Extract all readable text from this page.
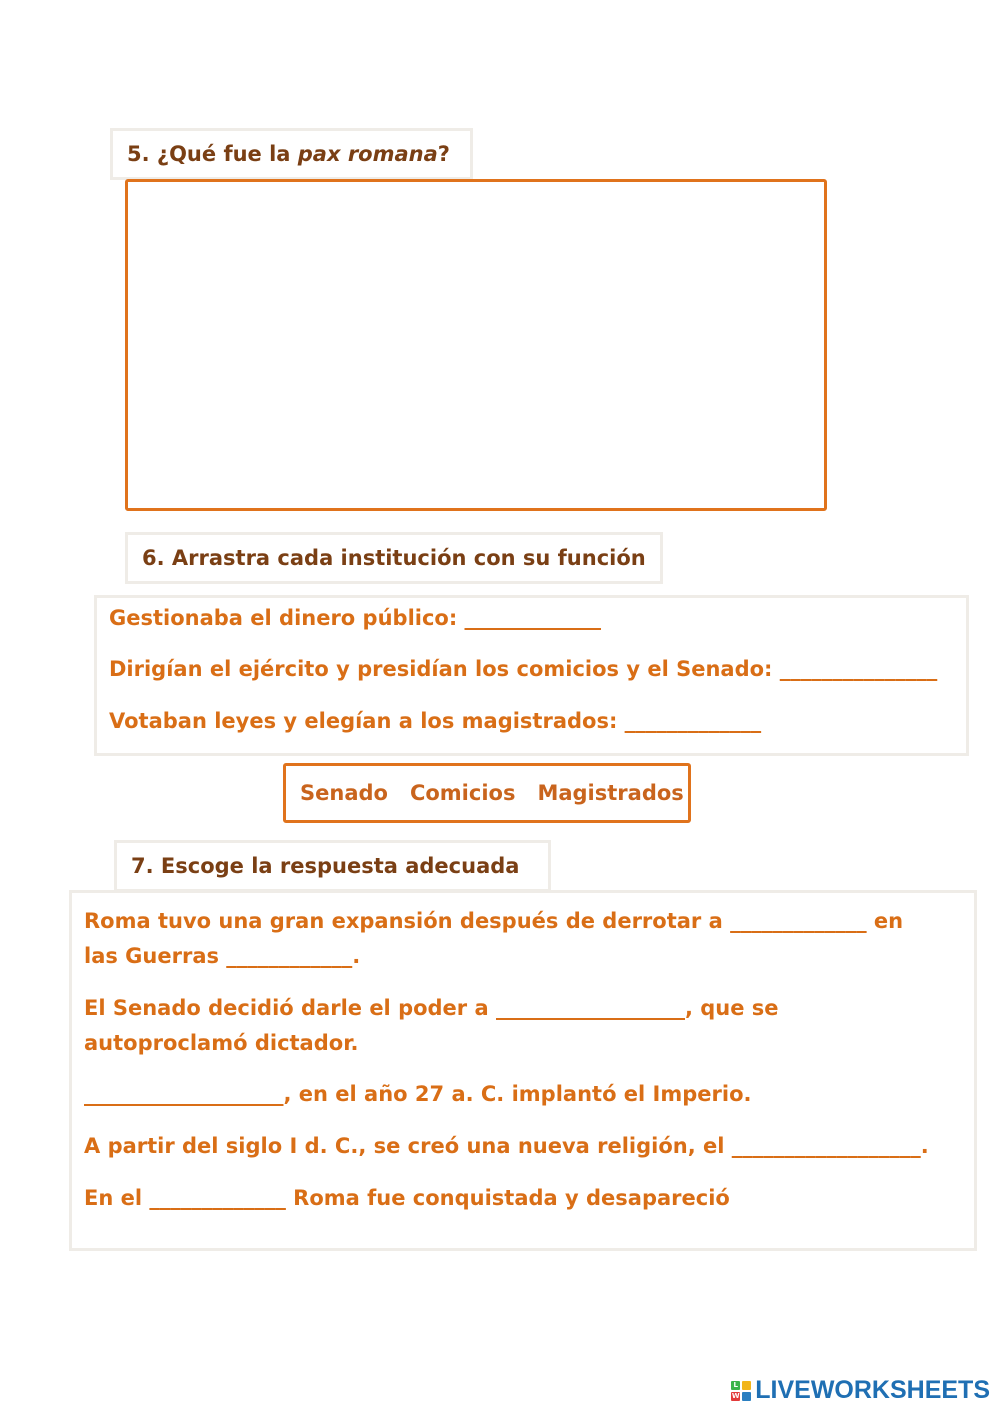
5. ¿Qué fue la pax romana ?
6. Arrastra cada institución con su función
Gestionaba el dinero público: _____________
Dirigían el ejército y presidían los comicios y el Senado: _______________
Votaban leyes y elegían a los magistrados: _____________
Senado Comicios Magistrados
7. Escoge la respuesta adecuada
Roma tuvo una gran expansión después de derrotar a _____________ en
las Guerras ____________.
El Senado decidió darle el poder a __________________, que se
autoproclamó dictador.
___________________, en el año 27 a. C. implantó el Imperio.
A partir del siglo I d. C., se creó una nueva religión, el __________________.
En el _____________ Roma fue conquistada y desapareció
L
W LIVEWORKSHEETS
